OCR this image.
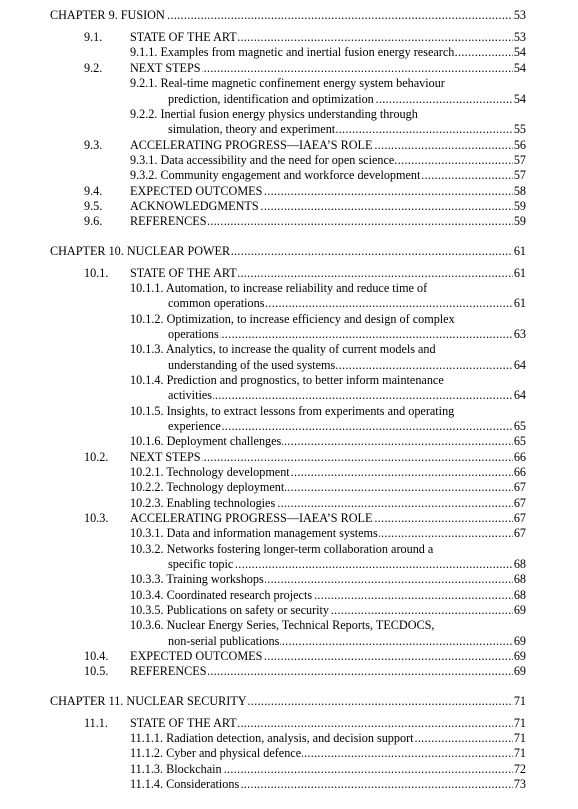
CHAPTER 9. FUSION .....	53
9.1. STATE OF THE ART .....	53
9.1.1. Examples from magnetic and inertial fusion energy research .....	54
9.2. NEXT STEPS .....	54
9.2.1. Real-time magnetic confinement energy system behaviour
prediction, identification and optimization .....	54
9.2.2. Inertial fusion energy physics understanding through
simulation, theory and experiment .....	55
9.3. ACCELERATING PROGRESS—IAEA’S ROLE .....	56
9.3.1. Data accessibility and the need for open science .....	57
9.3.2. Community engagement and workforce development .....	57
9.4. EXPECTED OUTCOMES .....	58
9.5. ACKNOWLEDGMENTS .....	59
9.6. REFERENCES .....	59
CHAPTER 10. NUCLEAR POWER .....	61
10.1. STATE OF THE ART .....	61
10.1.1. Automation, to increase reliability and reduce time of
common operations .....	61
10.1.2. Optimization, to increase efficiency and design of complex
operations .....	63
10.1.3. Analytics, to increase the quality of current models and
understanding of the used systems .....	64
10.1.4. Prediction and prognostics, to better inform maintenance
activities .....	64
10.1.5. Insights, to extract lessons from experiments and operating
experience .....	65
10.1.6. Deployment challenges .....	65
10.2. NEXT STEPS .....	66
10.2.1. Technology development .....	66
10.2.2. Technology deployment .....	67
10.2.3. Enabling technologies .....	67
10.3. ACCELERATING PROGRESS—IAEA’S ROLE .....	67
10.3.1. Data and information management systems .....	67
10.3.2. Networks fostering longer-term collaboration around a
specific topic .....	68
10.3.3. Training workshops .....	68
10.3.4. Coordinated research projects .....	68
10.3.5. Publications on safety or security .....	69
10.3.6. Nuclear Energy Series, Technical Reports, TECDOCS,
non-serial publications .....	69
10.4. EXPECTED OUTCOMES .....	69
10.5. REFERENCES .....	69
CHAPTER 11. NUCLEAR SECURITY .....	71
11.1. STATE OF THE ART .....	71
11.1.1. Radiation detection, analysis, and decision support .....	71
11.1.2. Cyber and physical defence .....	71
11.1.3. Blockchain .....	72
11.1.4. Considerations .....	73
